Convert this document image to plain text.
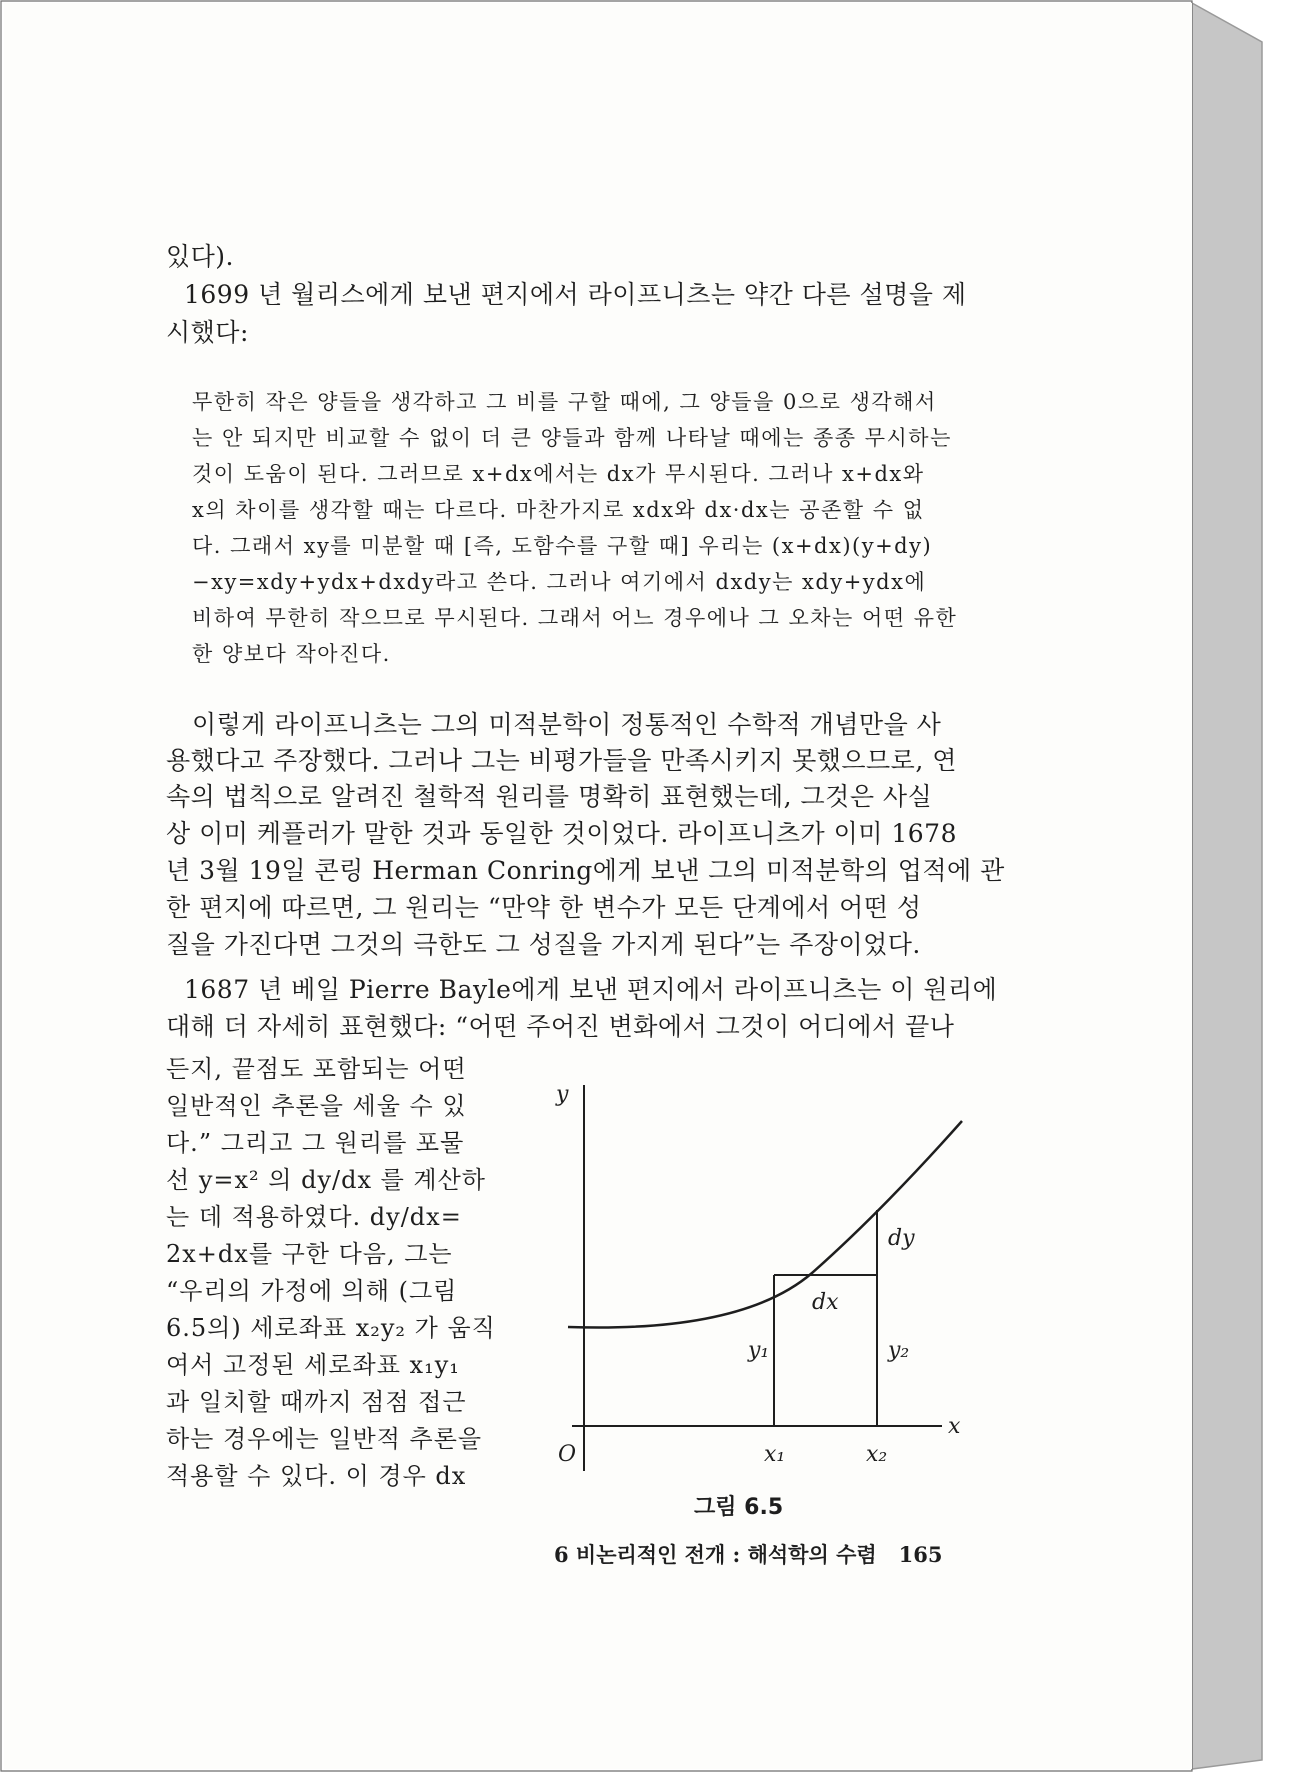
있다).
1699 년 월리스에게 보낸 편지에서 라이프니츠는 약간 다른 설명을 제
시했다:
무한히 작은 양들을 생각하고 그 비를 구할 때에, 그 양들을 0으로 생각해서
는 안 되지만 비교할 수 없이 더 큰 양들과 함께 나타날 때에는 종종 무시하는
것이 도움이 된다. 그러므로 x+dx에서는 dx가 무시된다. 그러나 x+dx와
x의 차이를 생각할 때는 다르다. 마찬가지로 xdx와 dx·dx는 공존할 수 없
다. 그래서 xy를 미분할 때 [즉, 도함수를 구할 때] 우리는 (x+dx)(y+dy)
−xy=xdy+ydx+dxdy라고 쓴다. 그러나 여기에서 dxdy는 xdy+ydx에
비하여 무한히 작으므로 무시된다. 그래서 어느 경우에나 그 오차는 어떤 유한
한 양보다 작아진다.
이렇게 라이프니츠는 그의 미적분학이 정통적인 수학적 개념만을 사
용했다고 주장했다. 그러나 그는 비평가들을 만족시키지 못했으므로, 연
속의 법칙으로 알려진 철학적 원리를 명확히 표현했는데, 그것은 사실
상 이미 케플러가 말한 것과 동일한 것이었다. 라이프니츠가 이미 1678
년 3월 19일 콘링 Herman Conring에게 보낸 그의 미적분학의 업적에 관
한 편지에 따르면, 그 원리는 “만약 한 변수가 모든 단계에서 어떤 성
질을 가진다면 그것의 극한도 그 성질을 가지게 된다”는 주장이었다.
1687 년 베일 Pierre Bayle에게 보낸 편지에서 라이프니츠는 이 원리에
대해 더 자세히 표현했다: “어떤 주어진 변화에서 그것이 어디에서 끝나
든지, 끝점도 포함되는 어떤
일반적인 추론을 세울 수 있
다.” 그리고 그 원리를 포물
선 y=x² 의 dy/dx 를 계산하
는 데 적용하였다. dy/dx=
2x+dx를 구한 다음, 그는
“우리의 가정에 의해 (그림
6.5의) 세로좌표 x₂y₂ 가 움직
여서 고정된 세로좌표 x₁y₁
과 일치할 때까지 점점 접근
하는 경우에는 일반적 추론을
적용할 수 있다. 이 경우 dx
y
x
O
dy
dx
y₁	y₂
x₁	x₂
그림 6.5
6 비논리적인 전개 : 해석학의 수렴 165
